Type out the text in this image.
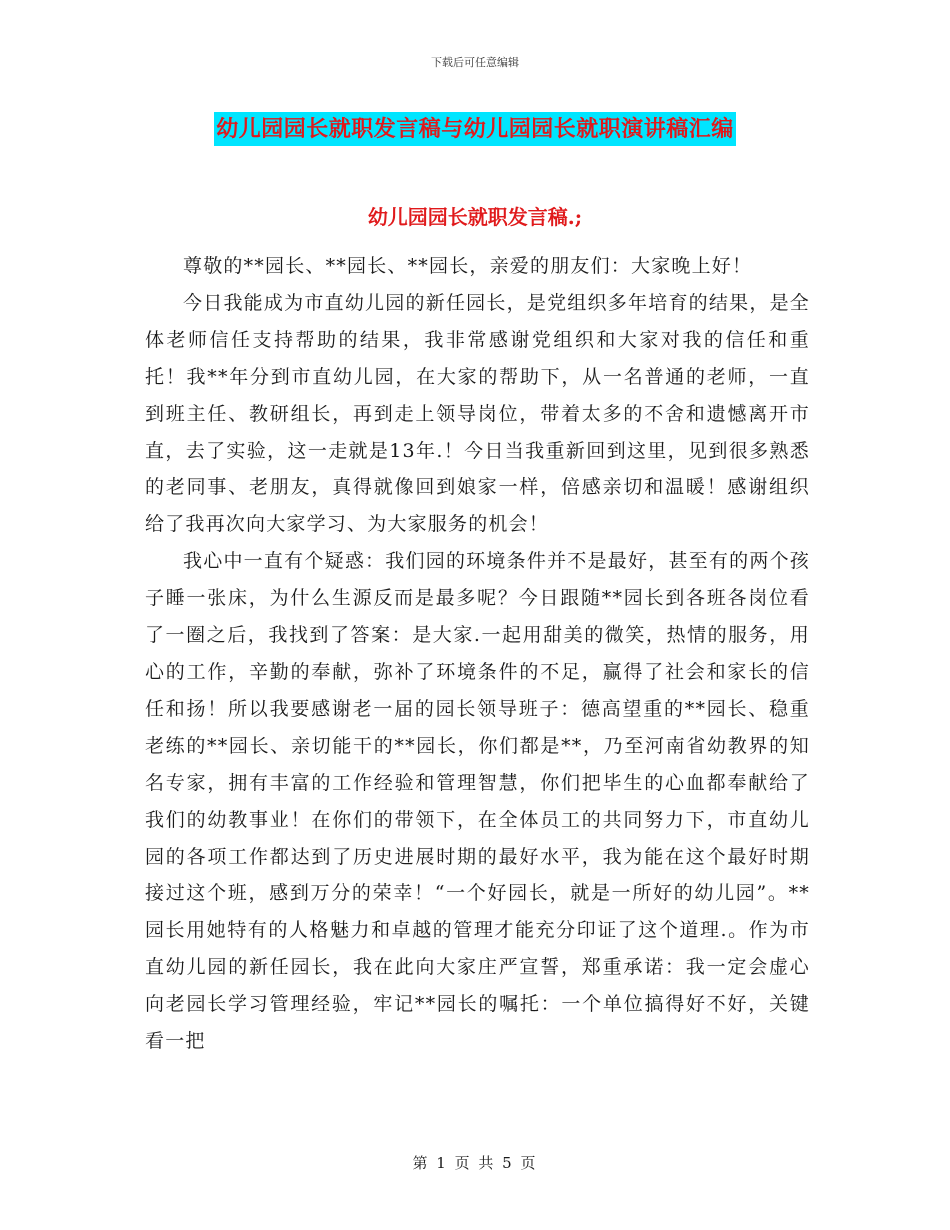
下载后可任意编辑
幼儿园园长就职发言稿与幼儿园园长就职演讲稿汇编
幼儿园园长就职发言稿.;

尊敬的**园长、**园长、**园长，亲爱的朋友们：大家晚上好！

今日我能成为市直幼儿园的新任园长，是党组织多年培育的结果，是全体老师信任支持帮助的结果，我非常感谢党组织和大家对我的信任和重托！我**年分到市直幼儿园，在大家的帮助下，从一名普通的老师，一直到班主任、教研组长，再到走上领导岗位，带着太多的不舍和遗憾离开市直，去了实验，这一走就是13年.！今日当我重新回到这里，见到很多熟悉的老同事、老朋友，真得就像回到娘家一样，倍感亲切和温暖！感谢组织给了我再次向大家学习、为大家服务的机会！

我心中一直有个疑惑：我们园的环境条件并不是最好，甚至有的两个孩子睡一张床，为什么生源反而是最多呢？今日跟随**园长到各班各岗位看了一圈之后，我找到了答案：是大家.一起用甜美的微笑，热情的服务，用心的工作，辛勤的奉献，弥补了环境条件的不足，赢得了社会和家长的信任和扬！所以我要感谢老一届的园长领导班子：德高望重的**园长、稳重老练的**园长、亲切能干的**园长，你们都是**，乃至河南省幼教界的知名专家，拥有丰富的工作经验和管理智慧，你们把毕生的心血都奉献给了我们的幼教事业！在你们的带领下，在全体员工的共同努力下，市直幼儿园的各项工作都达到了历史进展时期的最好水平，我为能在这个最好时期接过这个班，感到万分的荣幸！“一个好园长，就是一所好的幼儿园”。**园长用她特有的人格魅力和卓越的管理才能充分印证了这个道理.。作为市直幼儿园的新任园长，我在此向大家庄严宣誓，郑重承诺：我一定会虚心向老园长学习管理经验，牢记**园长的嘱托：一个单位搞得好不好，关键看一把

第 1 页 共 5 页
